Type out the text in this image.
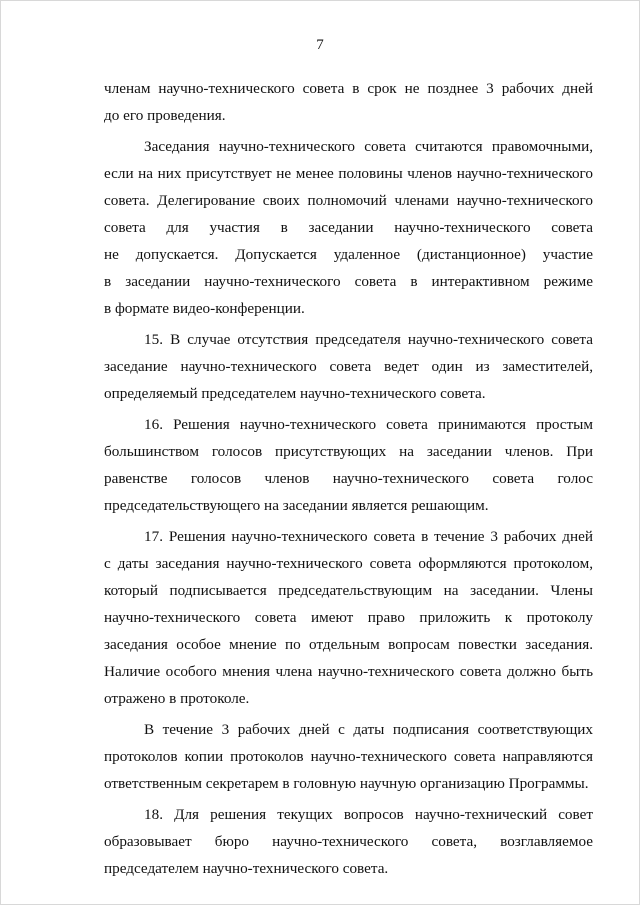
7

членам научно-технического совета в срок не позднее 3 рабочих дней
до его проведения.

Заседания научно-технического совета считаются правомочными,
если на них присутствует не менее половины членов научно-технического
совета. Делегирование своих полномочий членами научно-технического
совета для участия в заседании научно-технического совета
не допускается. Допускается удаленное (дистанционное) участие
в заседании научно-технического совета в интерактивном режиме
в формате видео-конференции.

15. В случае отсутствия председателя научно-технического совета
заседание научно-технического совета ведет один из заместителей,
определяемый председателем научно-технического совета.

16. Решения научно-технического совета принимаются простым
большинством голосов присутствующих на заседании членов. При
равенстве голосов членов научно-технического совета голос
председательствующего на заседании является решающим.

17. Решения научно-технического совета в течение 3 рабочих дней
с даты заседания научно-технического совета оформляются протоколом,
который подписывается председательствующим на заседании. Члены
научно-технического совета имеют право приложить к протоколу
заседания особое мнение по отдельным вопросам повестки заседания.
Наличие особого мнения члена научно-технического совета должно быть
отражено в протоколе.

В течение 3 рабочих дней с даты подписания соответствующих
протоколов копии протоколов научно-технического совета направляются
ответственным секретарем в головную научную организацию Программы.

18. Для решения текущих вопросов научно-технический совет
образовывает бюро научно-технического совета, возглавляемое
председателем научно-технического совета.
